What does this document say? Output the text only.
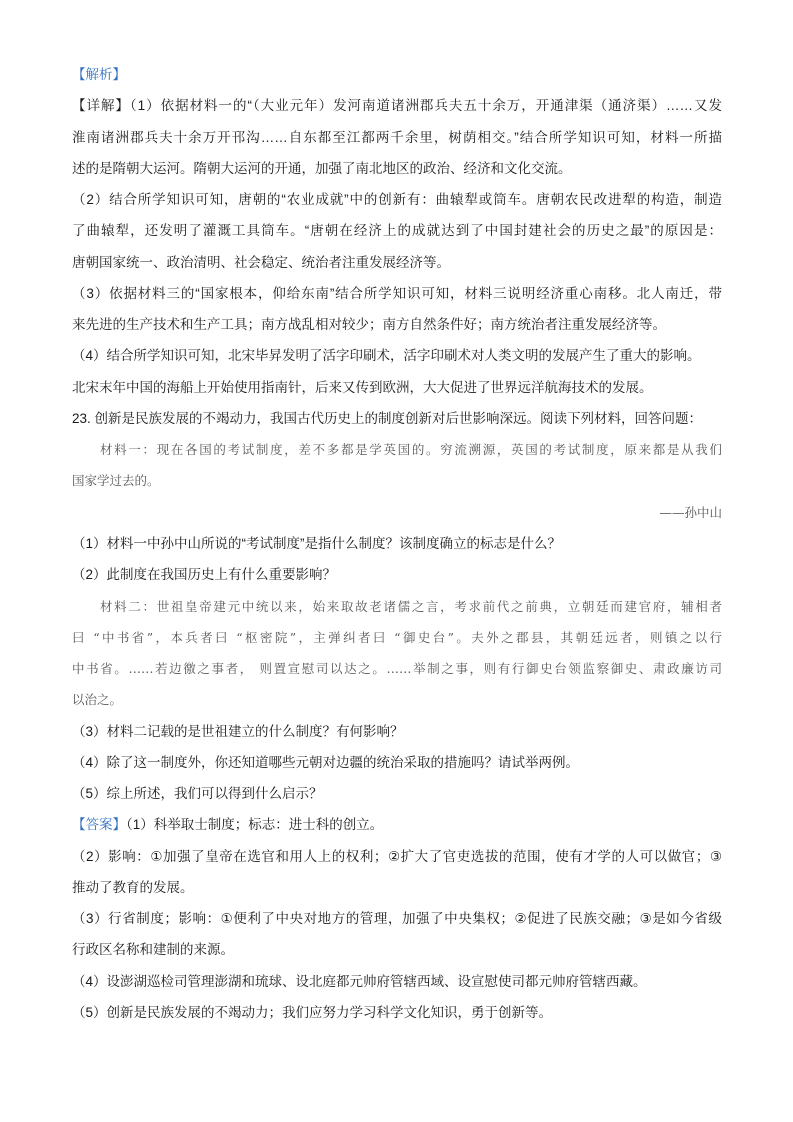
【解析】
【详解】（1）依据材料一的“（大业元年）发河南道诸洲郡兵夫五十余万，开通津渠（通济渠）……又发
淮南诸洲郡兵夫十余万开邗沟……自东都至江都两千余里，树荫相交。”结合所学知识可知，材料一所描
述的是隋朝大运河。隋朝大运河的开通，加强了南北地区的政治、经济和文化交流。
（2）结合所学知识可知，唐朝的“农业成就”中的创新有：曲辕犁或筒车。唐朝农民改进犁的构造，制造
了曲辕犁，还发明了灌溉工具筒车。“唐朝在经济上的成就达到了中国封建社会的历史之最”的原因是：
唐朝国家统一、政治清明、社会稳定、统治者注重发展经济等。
（3）依据材料三的“国家根本，仰给东南”结合所学知识可知，材料三说明经济重心南移。北人南迁，带
来先进的生产技术和生产工具；南方战乱相对较少；南方自然条件好；南方统治者注重发展经济等。
（4）结合所学知识可知，北宋毕昇发明了活字印刷术，活字印刷术对人类文明的发展产生了重大的影响。
北宋末年中国的海船上开始使用指南针，后来又传到欧洲，大大促进了世界远洋航海技术的发展。
23. 创新是民族发展的不竭动力，我国古代历史上的制度创新对后世影响深远。阅读下列材料，回答问题：
材料一：现在各国的考试制度，差不多都是学英国的。穷流溯源，英国的考试制度，原来都是从我们
国家学过去的。
——孙中山
（1）材料一中孙中山所说的“考试制度”是指什么制度？该制度确立的标志是什么？
（2）此制度在我国历史上有什么重要影响？
材料二：世祖皇帝建元中统以来，始来取故老诸儒之言，考求前代之前典，立朝廷而建官府，辅相者
曰 “中书省”，本兵者曰 “枢密院”，主弹纠者曰 “御史台”。夫外之郡县，其朝廷远者，则镇之以行
中书省。……若边徼之事者， 则置宣慰司以达之。……举制之事，则有行御史台领监察御史、肃政廉访司
以治之。
（3）材料二记载的是世祖建立的什么制度？有何影响？
（4）除了这一制度外，你还知道哪些元朝对边疆的统治采取的措施吗？请试举两例。
（5）综上所述，我们可以得到什么启示？
【答案】（1）科举取士制度；标志：进士科的创立。
（2）影响：①加强了皇帝在选官和用人上的权利；②扩大了官吏选拔的范围，使有才学的人可以做官；③
推动了教育的发展。
（3）行省制度；影响：①便利了中央对地方的管理，加强了中央集权；②促进了民族交融；③是如今省级
行政区名称和建制的来源。
（4）设澎湖巡检司管理澎湖和琉球、设北庭都元帅府管辖西域、设宣慰使司都元帅府管辖西藏。
（5）创新是民族发展的不竭动力；我们应努力学习科学文化知识，勇于创新等。
